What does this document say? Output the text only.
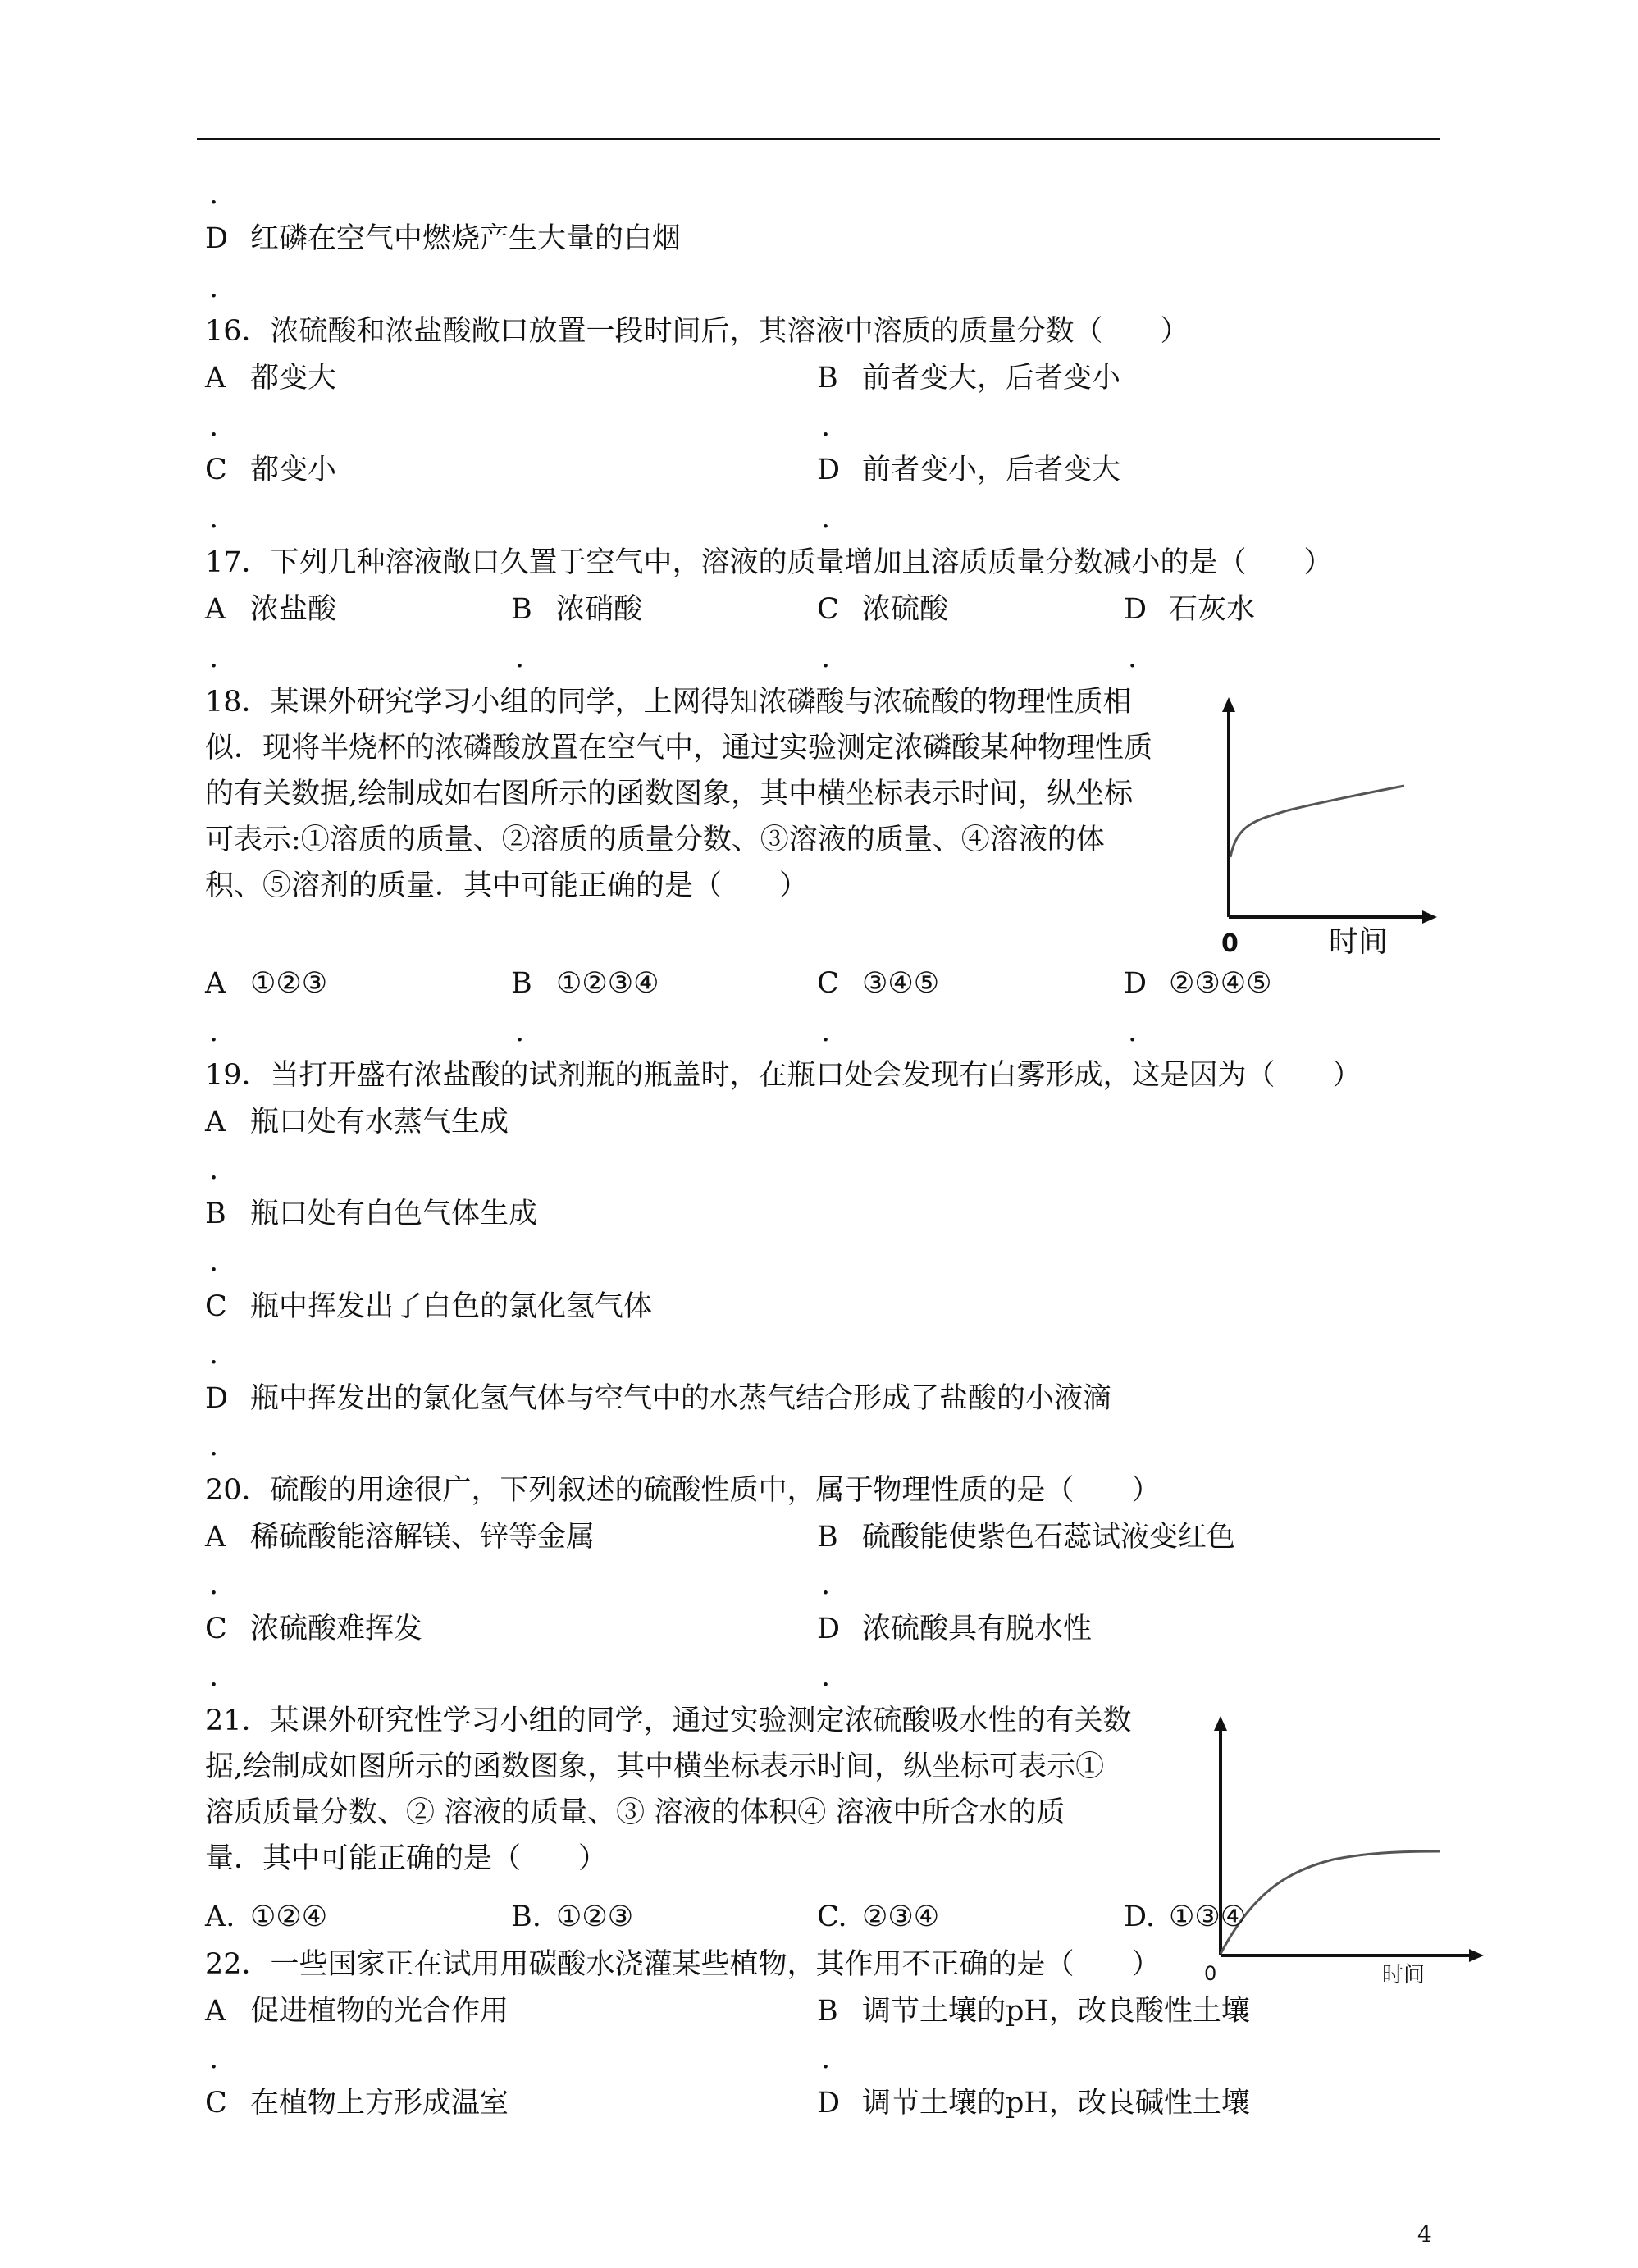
.
D 红磷在空气中燃烧产生大量的白烟
.
16．浓硫酸和浓盐酸敞口放置一段时间后，其溶液中溶质的质量分数（　　）
A 都变大	B 前者变大，后者变小
.	.
C 都变小	D 前者变小，后者变大
.	.
17．下列几种溶液敞口久置于空气中，溶液的质量增加且溶质质量分数减小的是（　　）
A 浓盐酸	B 浓硝酸	C 浓硫酸	D 石灰水
.	.	.	.
18．某课外研究学习小组的同学，上网得知浓磷酸与浓硫酸的物理性质相
似．现将半烧杯的浓磷酸放置在空气中，通过实验测定浓磷酸某种物理性质
的有关数据,绘制成如右图所示的函数图象，其中横坐标表示时间，纵坐标
可表示:①溶质的质量、②溶质的质量分数、③溶液的质量、④溶液的体
积、⑤溶剂的质量．其中可能正确的是（　　）
0	时间
A ①②③	B ①②③④	C ③④⑤	D ②③④⑤
.	.	.	.
19．当打开盛有浓盐酸的试剂瓶的瓶盖时，在瓶口处会发现有白雾形成，这是因为（　　）
A 瓶口处有水蒸气生成
.
B 瓶口处有白色气体生成
.
C 瓶中挥发出了白色的氯化氢气体
.
D 瓶中挥发出的氯化氢气体与空气中的水蒸气结合形成了盐酸的小液滴
.
20．硫酸的用途很广，下列叙述的硫酸性质中，属于物理性质的是（　　）
A 稀硫酸能溶解镁、锌等金属	B 硫酸能使紫色石蕊试液变红色
.	.
C 浓硫酸难挥发	D 浓硫酸具有脱水性
.	.
21．某课外研究性学习小组的同学，通过实验测定浓硫酸吸水性的有关数
据,绘制成如图所示的函数图象，其中横坐标表示时间，纵坐标可表示①
溶质质量分数、② 溶液的质量、③ 溶液的体积④ 溶液中所含水的质
量．其中可能正确的是（　　）
0	时间
A. ①②④	B. ①②③	C. ②③④	D. ①③④
22．一些国家正在试用用碳酸水浇灌某些植物，其作用不正确的是（　　）
A 促进植物的光合作用	B 调节土壤的pH，改良酸性土壤
.	.
C 在植物上方形成温室	D 调节土壤的pH，改良碱性土壤
4
